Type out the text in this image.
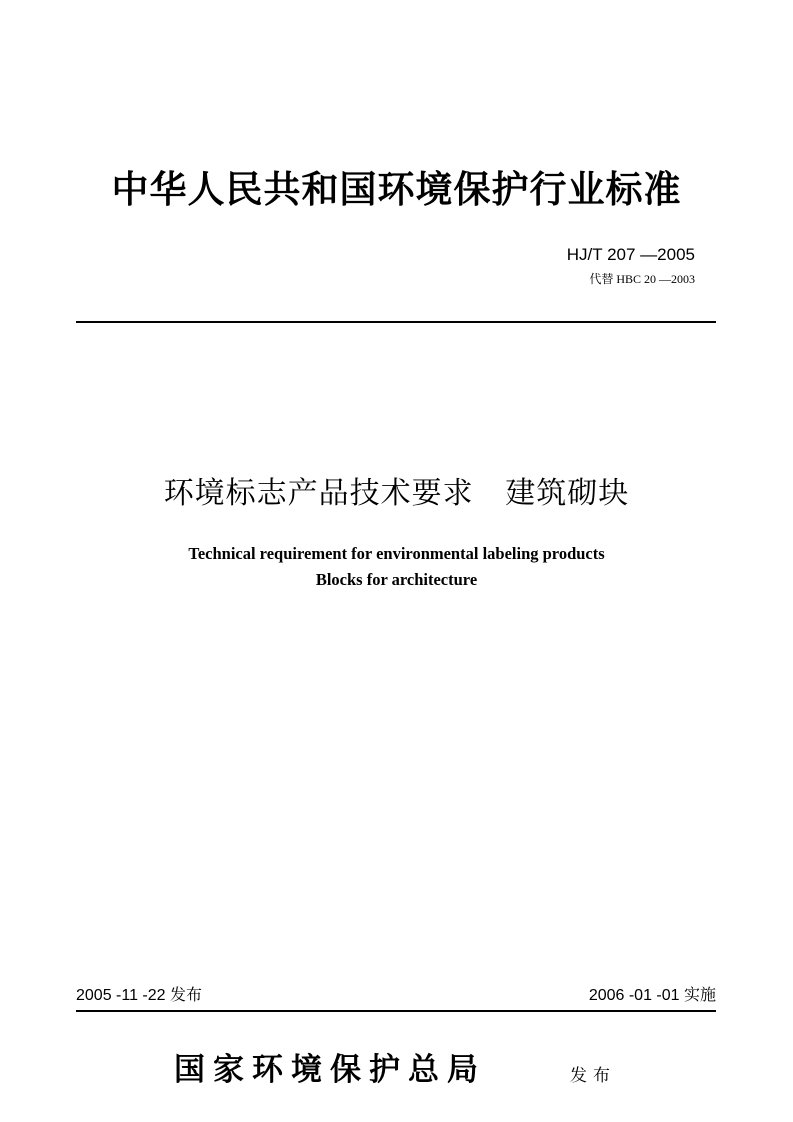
中华人民共和国环境保护行业标准
HJ/T 207 —2005
代替 HBC 20 —2003
环境标志产品技术要求   建筑砌块
Technical requirement for environmental labeling products
Blocks for architecture
2005 -11 -22 发布	2006 -01 -01 实施
国家环境保护总局	发布
